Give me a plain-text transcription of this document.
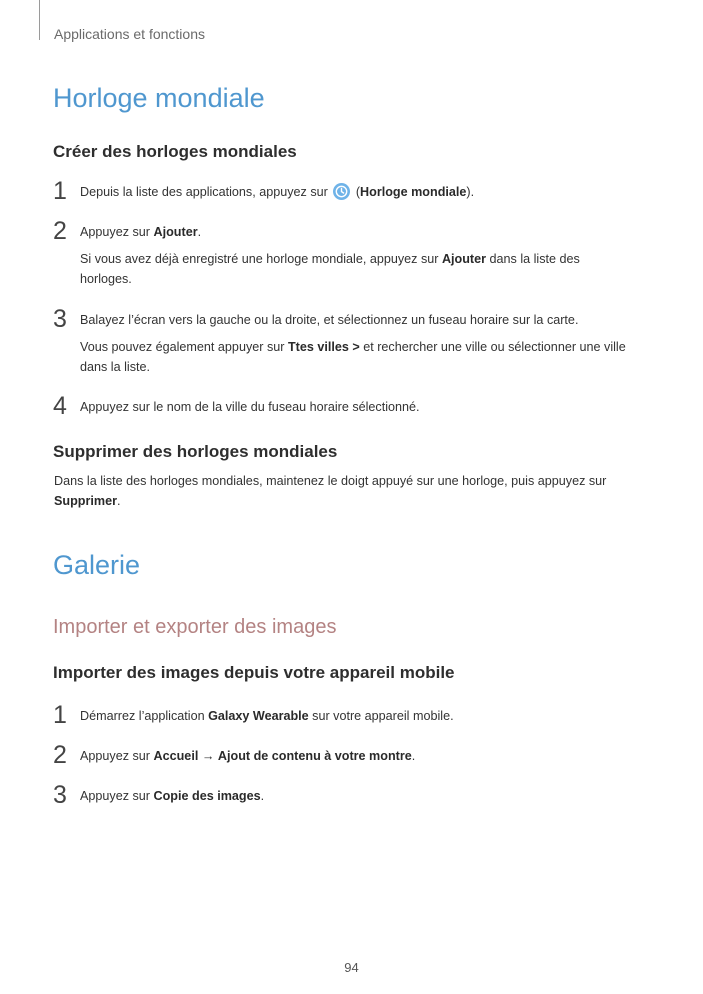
Applications et fonctions
Horloge mondiale
Créer des horloges mondiales
1 Depuis la liste des applications, appuyez sur
(Horloge mondiale).
2 Appuyez sur Ajouter.
Si vous avez déjà enregistré une horloge mondiale, appuyez sur Ajouter dans la liste des horloges.
3 Balayez l’écran vers la gauche ou la droite, et sélectionnez un fuseau horaire sur la carte.
Vous pouvez également appuyer sur Ttes villes > et rechercher une ville ou sélectionner une ville dans la liste.
4 Appuyez sur le nom de la ville du fuseau horaire sélectionné.
Supprimer des horloges mondiales
Dans la liste des horloges mondiales, maintenez le doigt appuyé sur une horloge, puis appuyez sur Supprimer.
Galerie
Importer et exporter des images
Importer des images depuis votre appareil mobile
1 Démarrez l’application Galaxy Wearable sur votre appareil mobile.
2 Appuyez sur Accueil → Ajout de contenu à votre montre.
3 Appuyez sur Copie des images.
94
